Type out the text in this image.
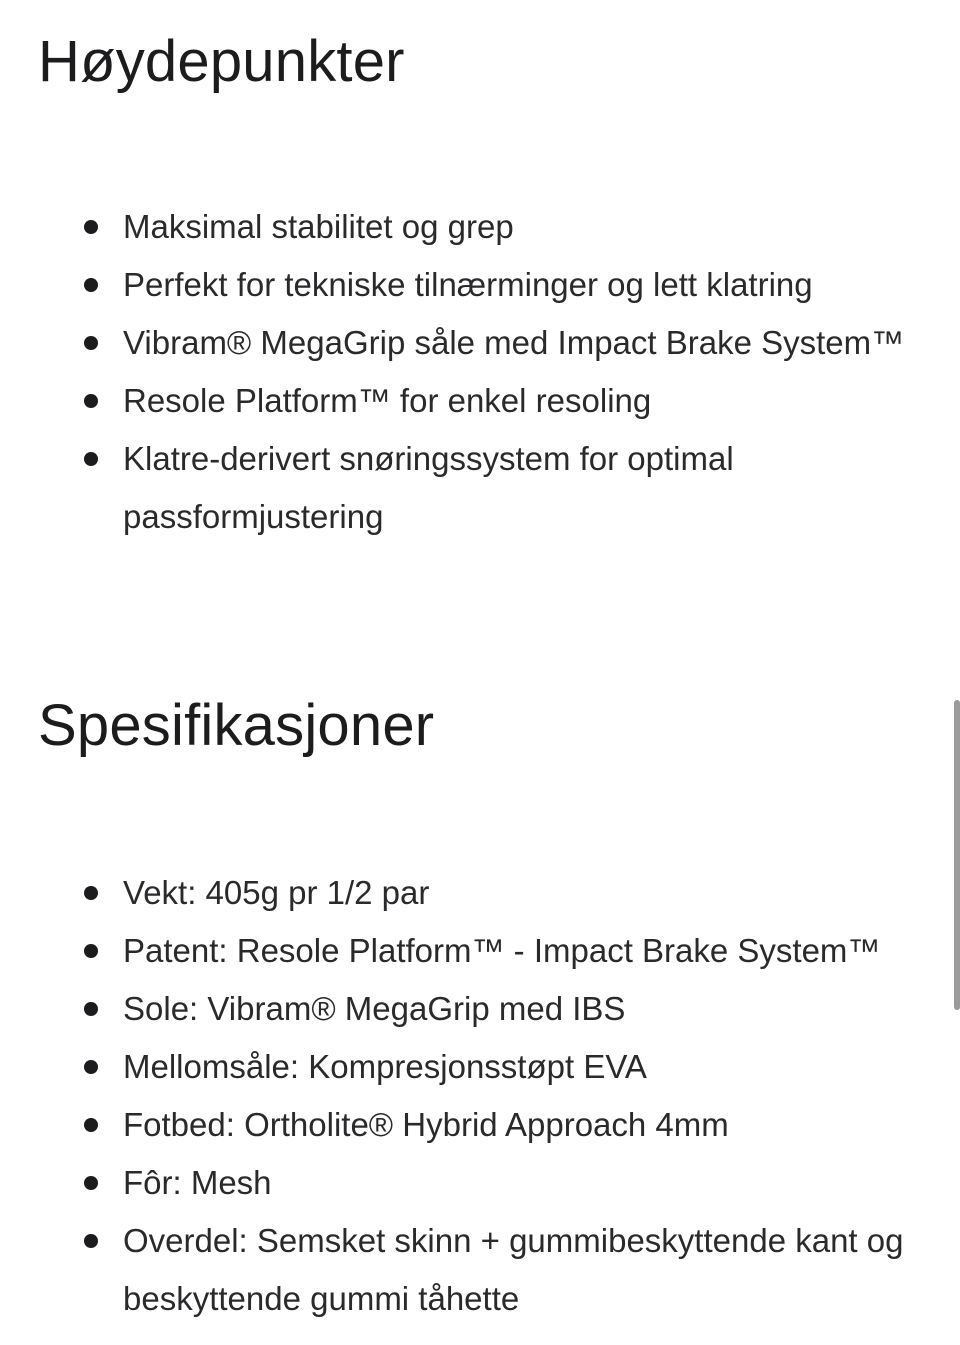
Høydepunkter
Maksimal stabilitet og grep
Perfekt for tekniske tilnærminger og lett klatring
Vibram® MegaGrip såle med Impact Brake System™
Resole Platform™ for enkel resoling
Klatre-derivert snøringssystem for optimal passformjustering
Spesifikasjoner
Vekt: 405g pr 1/2 par
Patent: Resole Platform™ - Impact Brake System™
Sole: Vibram® MegaGrip med IBS
Mellomsåle: Kompresjonsstøpt EVA
Fotbed: Ortholite® Hybrid Approach 4mm
Fôr: Mesh
Overdel: Semsket skinn + gummibeskyttende kant og beskyttende gummi tåhette
